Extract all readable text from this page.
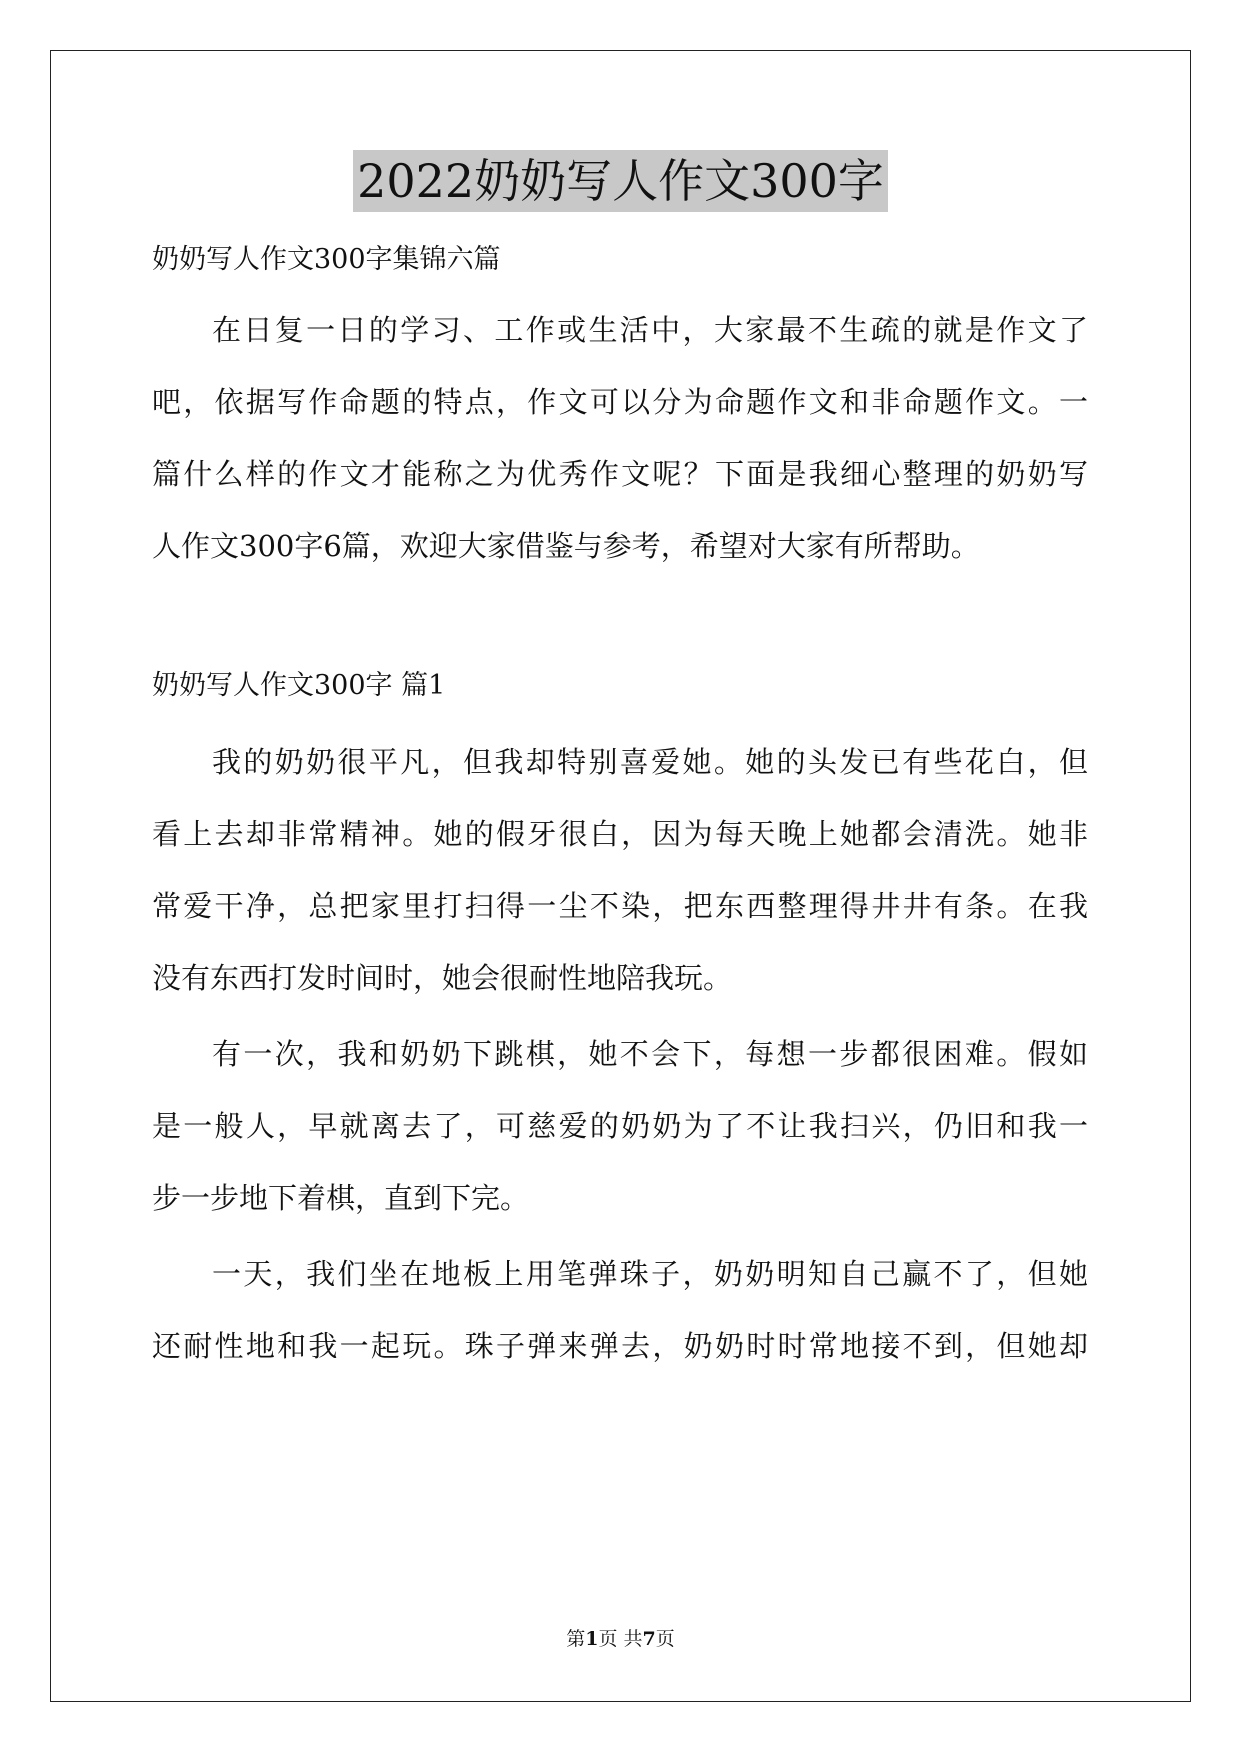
2022奶奶写人作文300字
奶奶写人作文300字集锦六篇
在日复一日的学习、工作或生活中，大家最不生疏的就是作文了
吧，依据写作命题的特点，作文可以分为命题作文和非命题作文。一
篇什么样的作文才能称之为优秀作文呢？下面是我细心整理的奶奶写
人作文300字6篇，欢迎大家借鉴与参考，希望对大家有所帮助。
奶奶写人作文300字 篇1
我的奶奶很平凡，但我却特别喜爱她。她的头发已有些花白，但
看上去却非常精神。她的假牙很白，因为每天晚上她都会清洗。她非
常爱干净，总把家里打扫得一尘不染，把东西整理得井井有条。在我
没有东西打发时间时，她会很耐性地陪我玩。
有一次，我和奶奶下跳棋，她不会下，每想一步都很困难。假如
是一般人，早就离去了，可慈爱的奶奶为了不让我扫兴，仍旧和我一
步一步地下着棋，直到下完。
一天，我们坐在地板上用笔弹珠子，奶奶明知自己赢不了，但她
还耐性地和我一起玩。珠子弹来弹去，奶奶时时常地接不到，但她却
第1页 共7页
